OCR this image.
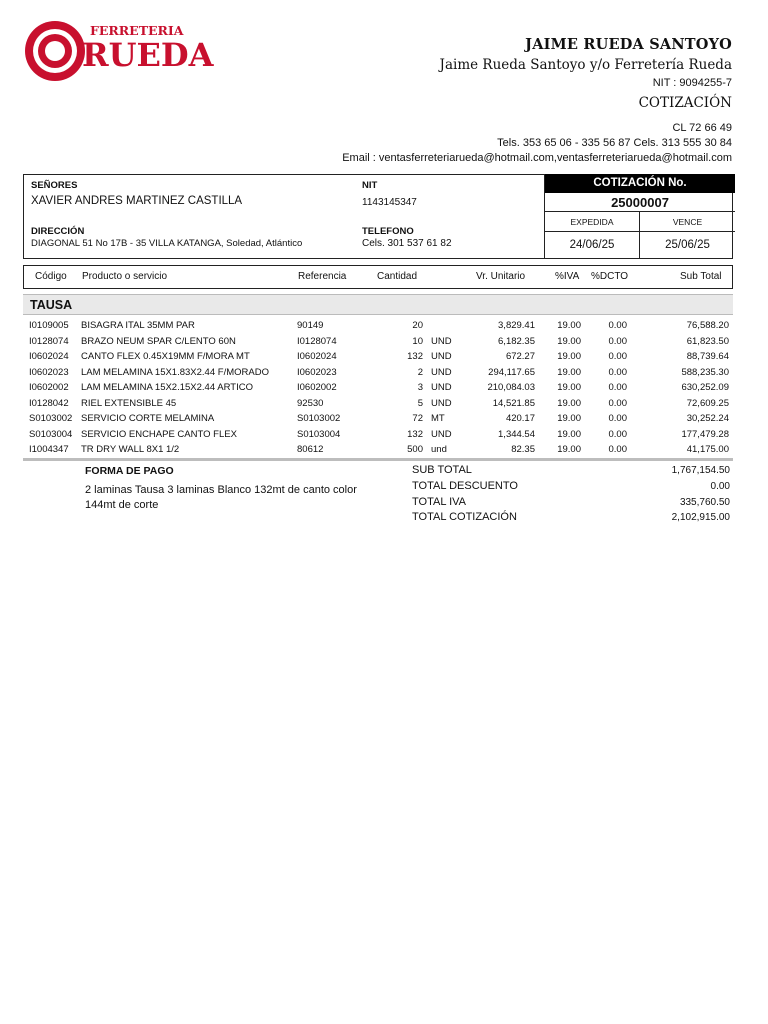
FERRETERIA
RUEDA	JAIME RUEDA SANTOYO
Jaime Rueda Santoyo y/o Ferretería Rueda
NIT : 9094255-7
COTIZACIÓN
CL 72 66 49
Tels. 353 65 06 - 335 56 87 Cels. 313 555 30 84
Email : ventasferreteriarueda@hotmail.com,ventasferreteriarueda@hotmail.com
SEÑORES
XAVIER ANDRES MARTINEZ CASTILLA
NIT
1143145347
DIRECCIÓN
DIAGONAL 51 No 17B - 35 VILLA KATANGA, Soledad, Atlántico
TELEFONO
Cels. 301 537 61 82
COTIZACIÓN No.
25000007
EXPEDIDA
24/06/25
VENCE
25/06/25
Código Producto o servicio	Referencia	Cantidad	Vr. Unitario	%IVA %DCTO	Sub Total
TAUSA
I0109005 BISAGRA ITAL 35MM PAR	90149	20	3,829.41	19.00	0.00	76,588.20
I0128074 BRAZO NEUM SPAR C/LENTO 60N	I0128074	10 UND	6,182.35	19.00	0.00	61,823.50
I0602024 CANTO FLEX 0.45X19MM F/MORA MT	I0602024	132 UND	672.27	19.00	0.00	88,739.64
I0602023 LAM MELAMINA 15X1.83X2.44 F/MORADO	I0602023	2 UND	294,117.65	19.00	0.00	588,235.30
I0602002 LAM MELAMINA 15X2.15X2.44 ARTICO	I0602002	3 UND	210,084.03	19.00	0.00	630,252.09
I0128042 RIEL EXTENSIBLE 45	92530	5 UND	14,521.85	19.00	0.00	72,609.25
S0103002 SERVICIO CORTE MELAMINA	S0103002	72 MT	420.17	19.00	0.00	30,252.24
S0103004 SERVICIO ENCHAPE CANTO FLEX	S0103004	132 UND	1,344.54	19.00	0.00	177,479.28
I1004347 TR DRY WALL 8X1 1/2	80612	500 und	82.35	19.00	0.00	41,175.00
FORMA DE PAGO
2 laminas Tausa 3 laminas Blanco 132mt de canto color 144mt de corte
SUB TOTAL	1,767,154.50
TOTAL DESCUENTO	0.00
TOTAL IVA	335,760.50
TOTAL COTIZACIÓN	2,102,915.00
